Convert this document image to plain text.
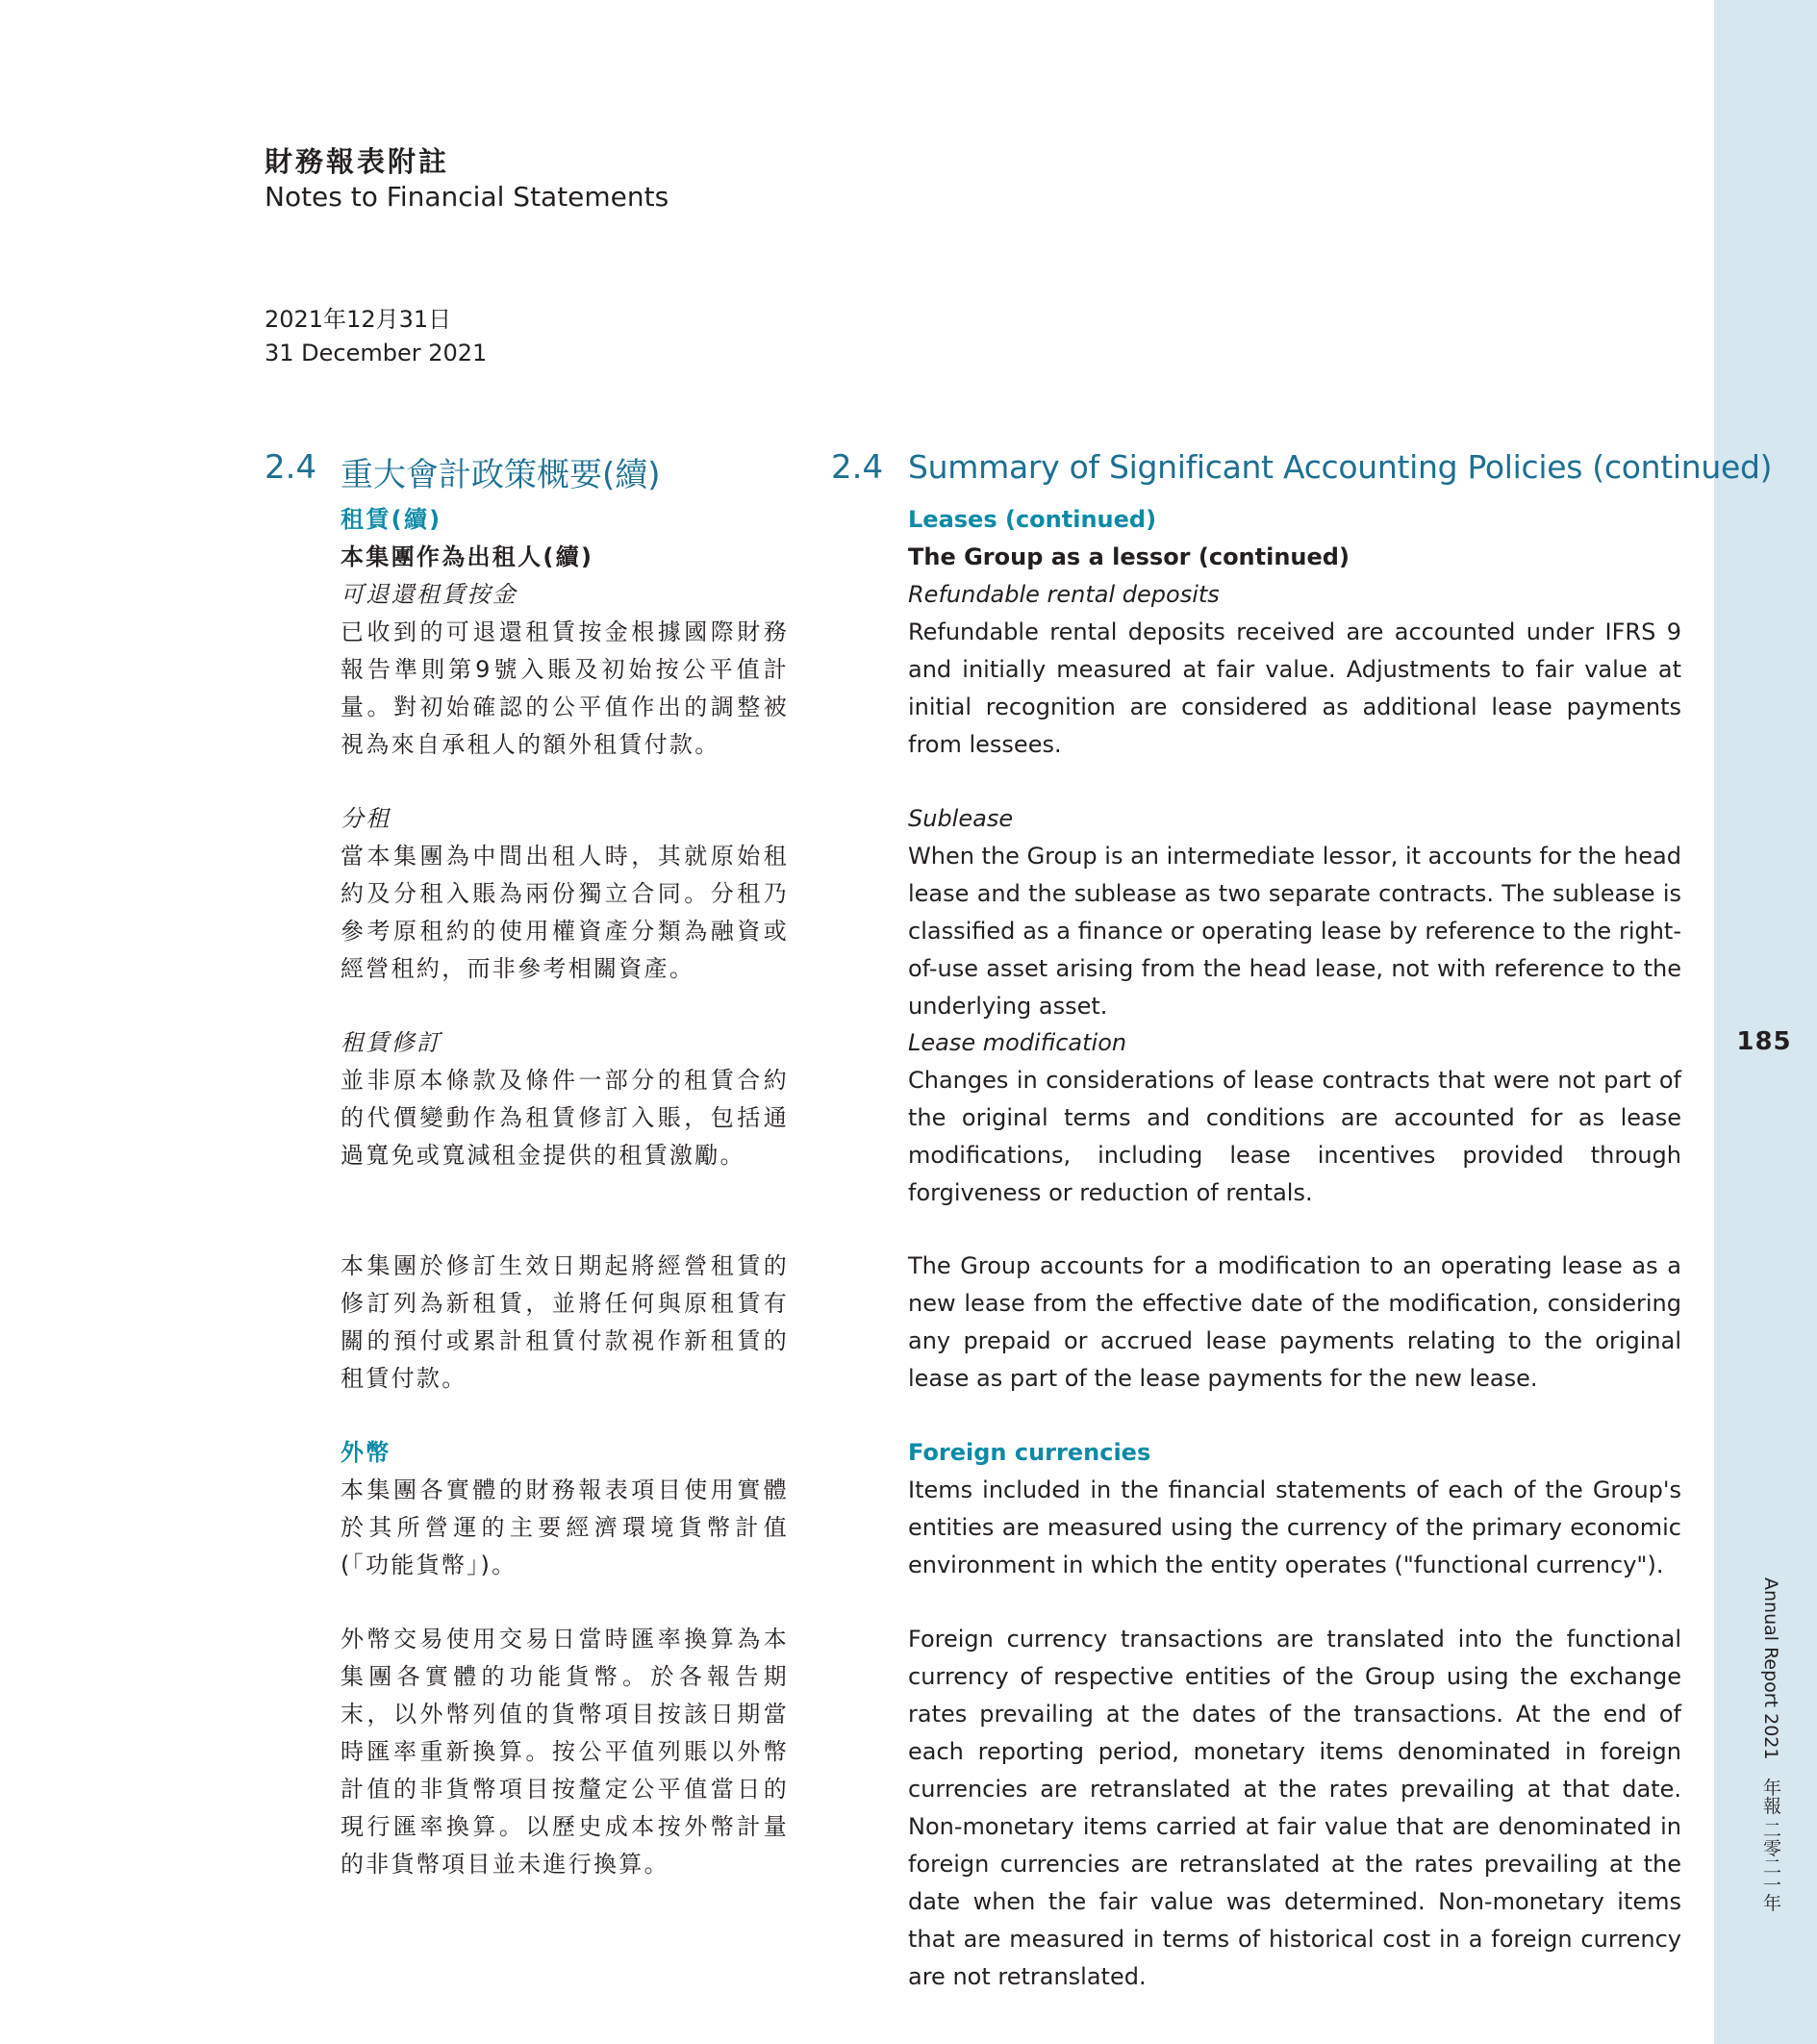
185
Annual Report 2021　年報 二零二一年
財務報表附註
Notes to Financial Statements
2021年12月31日
31 December 2021
2.4 重大會計政策概要(續)	2.4 Summary of Significant Accounting Policies (continued)
租賃(續)
本集團作為出租人(續)
可退還租賃按金

已收到的可退還租賃按金根據國際財務報告準則第9號入賬及初始按公平值計量。對初始確認的公平值作出的調整被視為來自承租人的額外租賃付款。

分租

當本集團為中間出租人時，其就原始租約及分租入賬為兩份獨立合同。分租乃參考原租約的使用權資產分類為融資或經營租約，而非參考相關資產。

租賃修訂

並非原本條款及條件一部分的租賃合約的代價變動作為租賃修訂入賬，包括通過寬免或寬減租金提供的租賃激勵。

本集團於修訂生效日期起將經營租賃的修訂列為新租賃，並將任何與原租賃有關的預付或累計租賃付款視作新租賃的租賃付款。

外幣

本集團各實體的財務報表項目使用實體於其所營運的主要經濟環境貨幣計值(「功能貨幣」)。

外幣交易使用交易日當時匯率換算為本集團各實體的功能貨幣。於各報告期末，以外幣列值的貨幣項目按該日期當時匯率重新換算。按公平值列賬以外幣計值的非貨幣項目按釐定公平值當日的現行匯率換算。以歷史成本按外幣計量的非貨幣項目並未進行換算。

Leases (continued)
The Group as a lessor (continued)
Refundable rental deposits

Refundable rental deposits received are accounted under IFRS 9 and initially measured at fair value. Adjustments to fair value at initial recognition are considered as additional lease payments from lessees.

Sublease

When the Group is an intermediate lessor, it accounts for the head lease and the sublease as two separate contracts. The sublease is classified as a finance or operating lease by reference to the right-of-use asset arising from the head lease, not with reference to the underlying asset.

Lease modification

Changes in considerations of lease contracts that were not part of the original terms and conditions are accounted for as lease modifications, including lease incentives provided through forgiveness or reduction of rentals.

The Group accounts for a modification to an operating lease as a new lease from the effective date of the modification, considering any prepaid or accrued lease payments relating to the original lease as part of the lease payments for the new lease.

Foreign currencies

Items included in the financial statements of each of the Group's entities are measured using the currency of the primary economic environment in which the entity operates ("functional currency").

Foreign currency transactions are translated into the functional currency of respective entities of the Group using the exchange rates prevailing at the dates of the transactions. At the end of each reporting period, monetary items denominated in foreign currencies are retranslated at the rates prevailing at that date. Non-monetary items carried at fair value that are denominated in foreign currencies are retranslated at the rates prevailing at the date when the fair value was determined. Non-monetary items that are measured in terms of historical cost in a foreign currency are not retranslated.
